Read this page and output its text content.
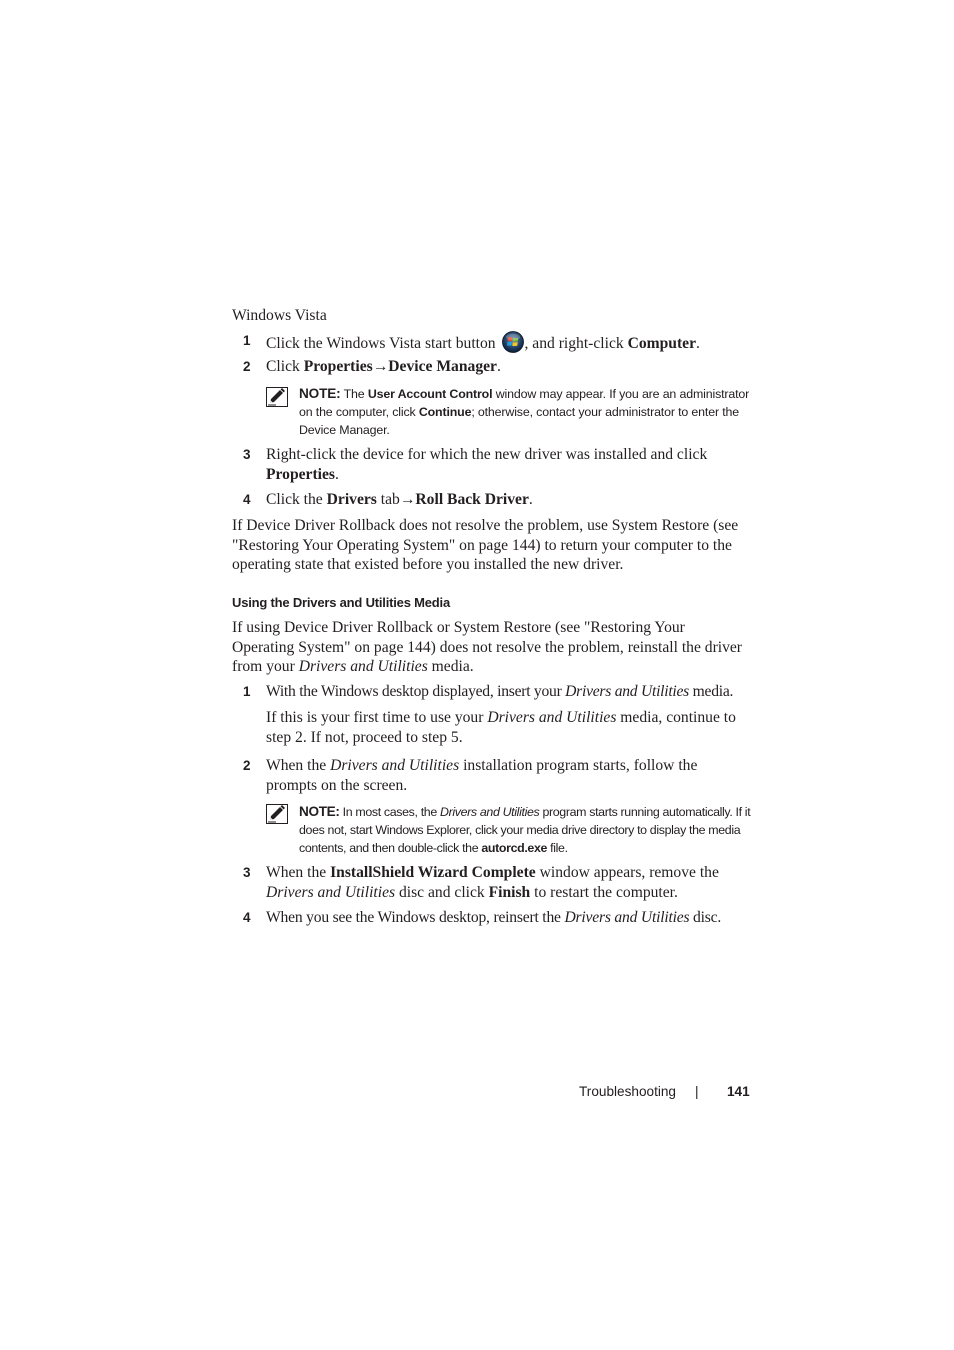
Windows Vista
1 Click the Windows Vista start button , and right-click Computer.
2 Click Properties→Device Manager.
NOTE: The User Account Control window may appear. If you are an administrator on the computer, click Continue; otherwise, contact your administrator to enter the Device Manager.
3 Right-click the device for which the new driver was installed and click
Properties.
4 Click the Drivers tab→Roll Back Driver.
If Device Driver Rollback does not resolve the problem, use System Restore (see "Restoring Your Operating System" on page 144) to return your computer to the operating state that existed before you installed the new driver.
Using the Drivers and Utilities Media
If using Device Driver Rollback or System Restore (see "Restoring Your Operating System" on page 144) does not resolve the problem, reinstall the driver from your Drivers and Utilities media.
1 With the Windows desktop displayed, insert your Drivers and Utilities media.
If this is your first time to use your Drivers and Utilities media, continue to step 2. If not, proceed to step 5.
2 When the Drivers and Utilities installation program starts, follow the prompts on the screen.
NOTE: In most cases, the Drivers and Utilities program starts running automatically. If it does not, start Windows Explorer, click your media drive directory to display the media contents, and then double-click the autorcd.exe file.
3 When the InstallShield Wizard Complete window appears, remove the Drivers and Utilities disc and click Finish to restart the computer.
4 When you see the Windows desktop, reinsert the Drivers and Utilities disc.
Troubleshooting | 141
